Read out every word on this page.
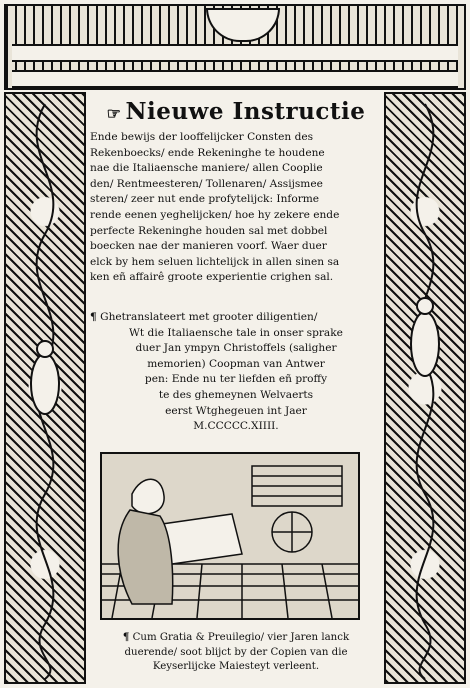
☞ Nieuwe Instructie
Ende bewijs der looffelijcker Consten des
Rekenboecks/ ende Rekeninghe te houdene
nae die Italiaensche maniere/ allen Cooplie
den/ Rentmeesteren/ Tollenaren/ Assijsmee
steren/ zeer nut ende profytelijck: Informe
rende eenen yeghelijcken/ hoe hy zekere ende
perfecte Rekeninghe houden sal met dobbel
boecken nae der manieren voorf. Waer duer
elck by hem seluen lichtelijck in allen sinen sa
ken eñ affairê groote experientie crighen sal.
¶ Ghetranslateert met grooter diligentien/
Wt die Italiaensche tale in onser sprake
duer Jan ympyn Christoffels (saligher
memorien) Coopman van Antwer
pen: Ende nu ter liefden eñ proffy
te des ghemeynen Welvaerts
eerst Wtghegeuen int Jaer
M.CCCCC.XIIII.
¶ Cum Gratia & Preuilegio/ vier Jaren lanck
duerende/ soot blijct by der Copien van die
Keyserlijcke Maiesteyt verleent.
